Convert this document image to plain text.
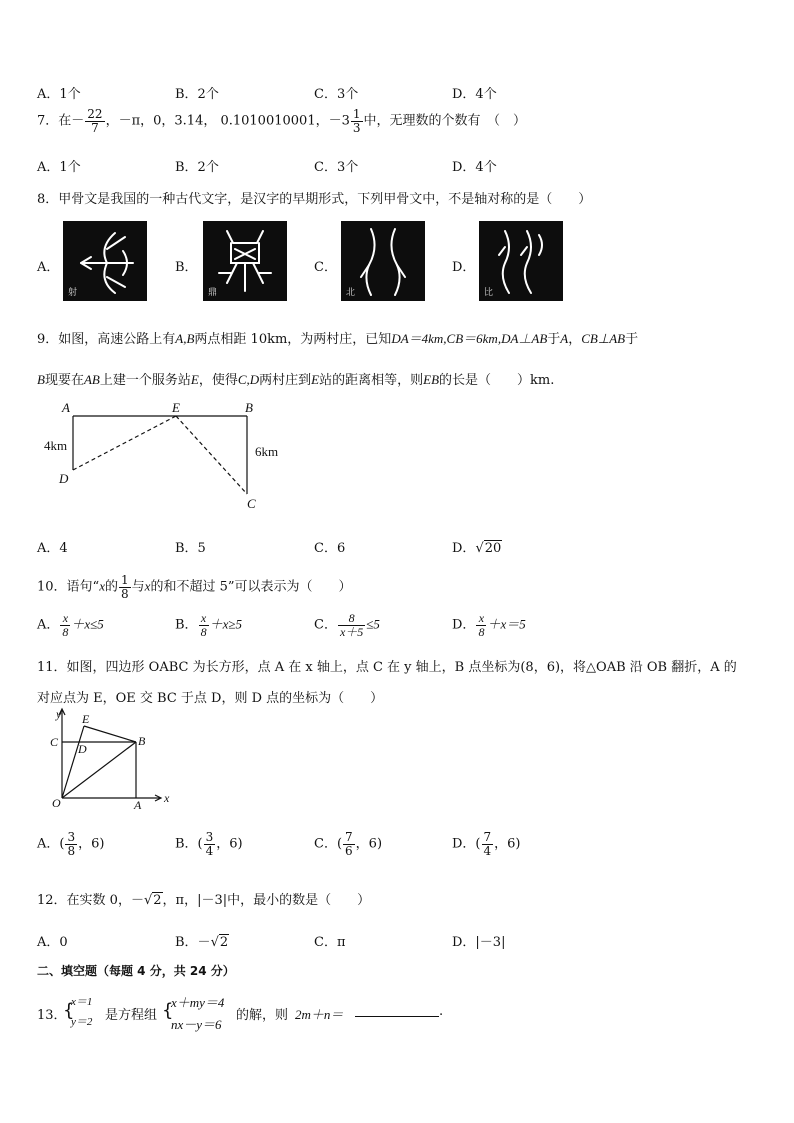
A．1个	B．2个	C．3个	D．4个
7．在－ $\frac{22}{7}$ ，－π，0，3.14， 0.1010010001，$-3 \frac{1}{3}$ 中，无理数的个数有　（　）
A．1个	B．2个	C．3个	D．4个
8．甲骨文是我国的一种古代文字，是汉字的早期形式，下列甲骨文中，不是轴对称的是（　　）
A．	B．	C．	D．
射	鼎	北	比
9．如图，高速公路上有A,B两点相距 10km，为两村庄，已知DA＝4km,CB＝6km,DA⊥AB于A，CB⊥AB于
B现要在AB上建一个服务站E，使得C,D两村庄到E站的距离相等，则EB的长是（　　）km.
A	E	B
D
C
4km	6km
A．4	B．5	C．6	D．√20
10．语句“x的 $\frac{1}{8}$ 与x的和不超过 5”可以表示为（　　）
A． $\frac{x}{8} +x\le 5$	B． $\frac{x}{8} +x\ge 5$	C． $\frac{8}{x+5} \le 5$	D． $\frac{x}{8} +x=5$
11．如图，四边形 OABC 为长方形，点 A 在 x 轴上，点 C 在 y 轴上，B 点坐标为(8，6)，将△OAB 沿 OB 翻折，A 的
对应点为 E，OE 交 BC 于点 D，则 D 点的坐标为（　　）
y
x
E
C D
B
O	A
A．( $\frac{3}{8}$ ，6)	B．( $\frac{3}{4}$ ，6)	C．( $\frac{7}{6}$ ，6)	D．( $\frac{7}{4}$ ，6)
12．在实数 0，－√2，π，|－3|中，最小的数是（　　）
A．0	B．－√2	C．π	D．|－3|
二、填空题（每题 4 分，共 24 分）
13．
{
x＝1
y＝2 是方程组 {
x＋my＝4
nx－y＝6
的解，则 2m＋n＝	.
